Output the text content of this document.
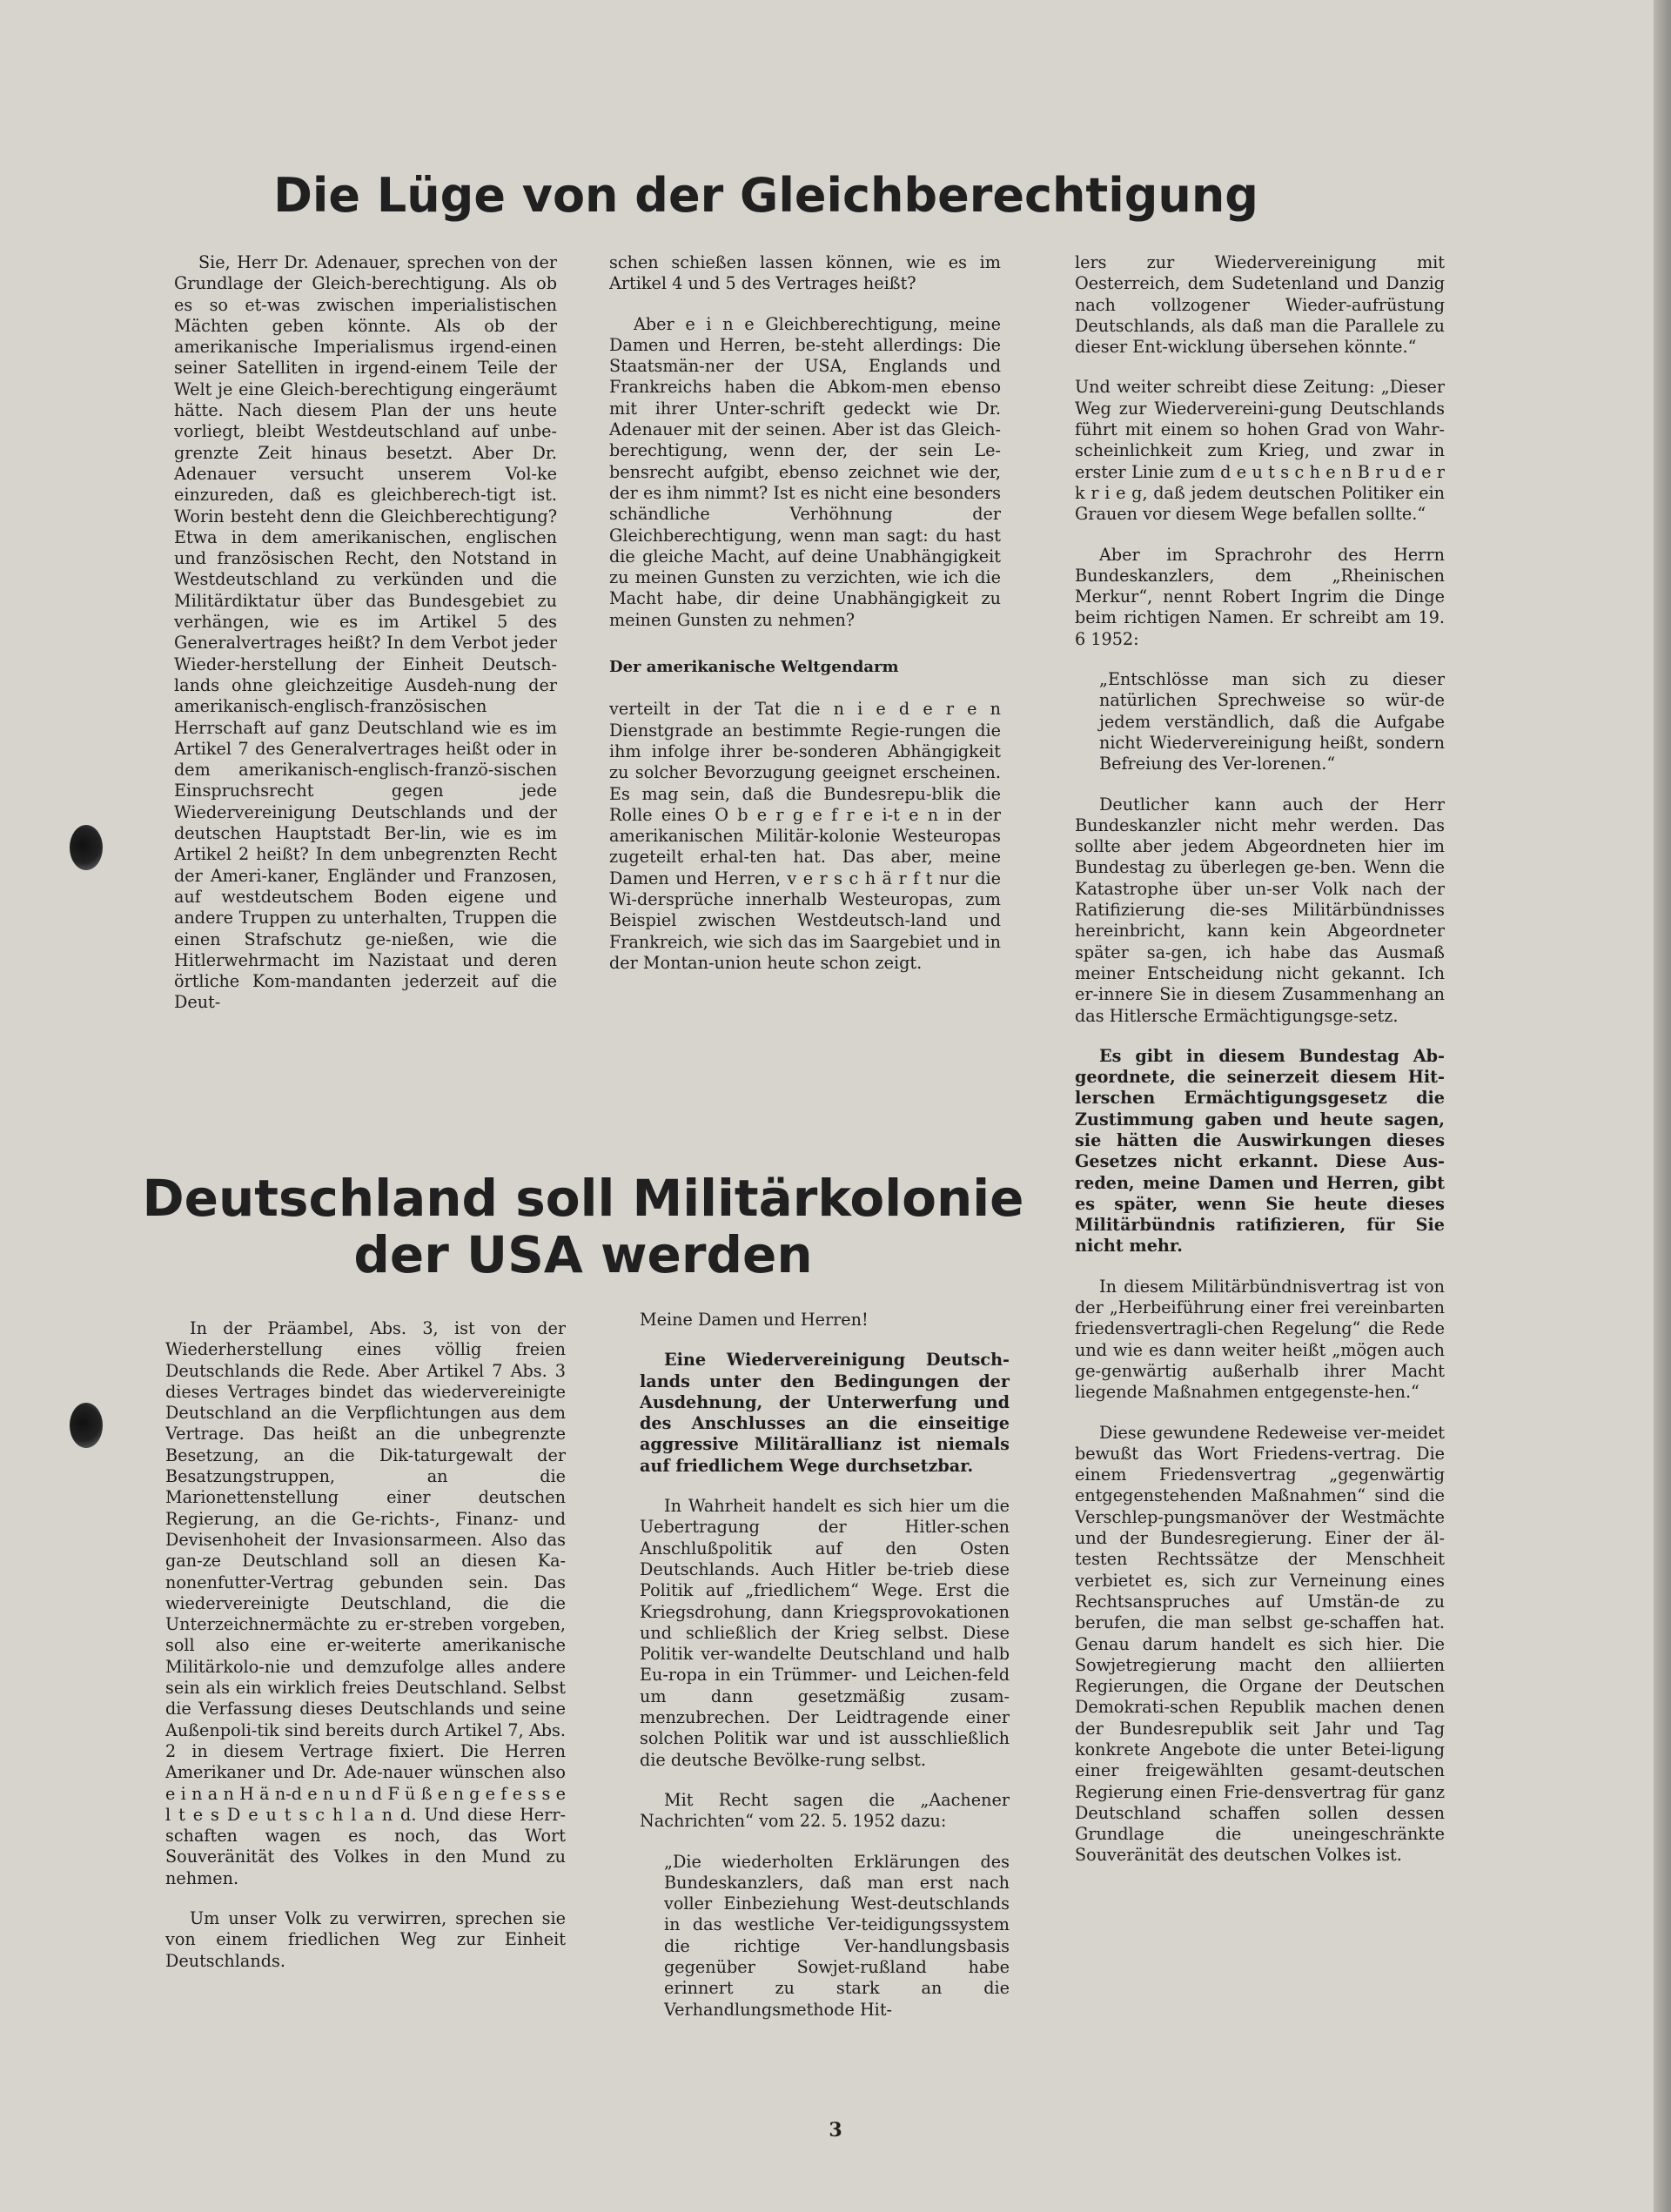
Die Lüge von der Gleichberechtigung

Sie, Herr Dr. Adenauer, sprechen von der Grundlage der Gleich-berechtigung. Als ob es so et-was zwischen imperialistischen Mächten geben könnte. Als ob der amerikanische Imperialismus irgend-einen seiner Satelliten in irgend-einem Teile der Welt je eine Gleich-berechtigung eingeräumt hätte. Nach diesem Plan der uns heute vorliegt, bleibt Westdeutschland auf unbe-grenzte Zeit hinaus besetzt. Aber Dr. Adenauer versucht unserem Vol-ke einzureden, daß es gleichberech-tigt ist. Worin besteht denn die Gleichberechtigung? Etwa in dem amerikanischen, englischen und französischen Recht, den Notstand in Westdeutschland zu verkünden und die Militärdiktatur über das Bundesgebiet zu verhängen, wie es im Artikel 5 des Generalvertrages heißt? In dem Verbot jeder Wieder-herstellung der Einheit Deutsch-lands ohne gleichzeitige Ausdeh-nung der amerikanisch-englisch-französischen Herrschaft auf ganz Deutschland wie es im Artikel 7 des Generalvertrages heißt oder in dem amerikanisch-englisch-franzö-sischen Einspruchsrecht gegen jede Wiedervereinigung Deutschlands und der deutschen Hauptstadt Ber-lin, wie es im Artikel 2 heißt? In dem unbegrenzten Recht der Ameri-kaner, Engländer und Franzosen, auf westdeutschem Boden eigene und andere Truppen zu unterhalten, Truppen die einen Strafschutz ge-nießen, wie die Hitlerwehrmacht im Nazistaat und deren örtliche Kom-mandanten jederzeit auf die Deut-

schen schießen lassen können, wie es im Artikel 4 und 5 des Vertrages heißt?

Aber e i n e Gleichberechtigung, meine Damen und Herren, be-steht allerdings: Die Staatsmän-ner der USA, Englands und Frankreichs haben die Abkom-men ebenso mit ihrer Unter-schrift gedeckt wie Dr. Adenauer mit der seinen. Aber ist das Gleich-berechtigung, wenn der, der sein Le-bensrecht aufgibt, ebenso zeichnet wie der, der es ihm nimmt? Ist es nicht eine besonders schändliche Verhöhnung der Gleichberechtigung, wenn man sagt: du hast die gleiche Macht, auf deine Unabhängigkeit zu meinen Gunsten zu verzichten, wie ich die Macht habe, dir deine Unabhängigkeit zu meinen Gunsten zu nehmen?

Der amerikanische Weltgendarm

verteilt in der Tat die n i e d e r e n Dienstgrade an bestimmte Regie-rungen die ihm infolge ihrer be-sonderen Abhängigkeit zu solcher Bevorzugung geeignet erscheinen. Es mag sein, daß die Bundesrepu-blik die Rolle eines O b e r g e f r e i-t e n in der amerikanischen Militär-kolonie Westeuropas zugeteilt erhal-ten hat. Das aber, meine Damen und Herren, v e r s c h ä r f t nur die Wi-dersprüche innerhalb Westeuropas, zum Beispiel zwischen Westdeutsch-land und Frankreich, wie sich das im Saargebiet und in der Montan-union heute schon zeigt.

lers zur Wiedervereinigung mit Oesterreich, dem Sudetenland und Danzig nach vollzogener Wieder-aufrüstung Deutschlands, als daß man die Parallele zu dieser Ent-wicklung übersehen könnte.“

Und weiter schreibt diese Zeitung: „Dieser Weg zur Wiedervereini-gung Deutschlands führt mit einem so hohen Grad von Wahr-scheinlichkeit zum Krieg, und zwar in erster Linie zum d e u t s c h e n B r u d e r k r i e g, daß jedem deutschen Politiker ein Grauen vor diesem Wege befallen sollte.“

Aber im Sprachrohr des Herrn Bundeskanzlers, dem „Rheinischen Merkur“, nennt Robert Ingrim die Dinge beim richtigen Namen. Er schreibt am 19. 6 1952:

„Entschlösse man sich zu dieser natürlichen Sprechweise so wür-de jedem verständlich, daß die Aufgabe nicht Wiedervereinigung heißt, sondern Befreiung des Ver-lorenen.“

Deutlicher kann auch der Herr Bundeskanzler nicht mehr werden. Das sollte aber jedem Abgeordneten hier im Bundestag zu überlegen ge-ben. Wenn die Katastrophe über un-ser Volk nach der Ratifizierung die-ses Militärbündnisses hereinbricht, kann kein Abgeordneter später sa-gen, ich habe das Ausmaß meiner Entscheidung nicht gekannt. Ich er-innere Sie in diesem Zusammenhang an das Hitlersche Ermächtigungsge-setz.

Es gibt in diesem Bundestag Ab-geordnete, die seinerzeit diesem Hit-lerschen Ermächtigungsgesetz die Zustimmung gaben und heute sagen, sie hätten die Auswirkungen dieses Gesetzes nicht erkannt. Diese Aus-reden, meine Damen und Herren, gibt es später, wenn Sie heute dieses Militärbündnis ratifizieren, für Sie nicht mehr.

In diesem Militärbündnisvertrag ist von der „Herbeiführung einer frei vereinbarten friedensvertragli-chen Regelung“ die Rede und wie es dann weiter heißt „mögen auch ge-genwärtig außerhalb ihrer Macht liegende Maßnahmen entgegenste-hen.“

Diese gewundene Redeweise ver-meidet bewußt das Wort Friedens-vertrag. Die einem Friedensvertrag „gegenwärtig entgegenstehenden Maßnahmen“ sind die Verschlep-pungsmanöver der Westmächte und der Bundesregierung. Einer der äl-testen Rechtssätze der Menschheit verbietet es, sich zur Verneinung eines Rechtsanspruches auf Umstän-de zu berufen, die man selbst ge-schaffen hat. Genau darum handelt es sich hier. Die Sowjetregierung macht den alliierten Regierungen, die Organe der Deutschen Demokrati-schen Republik machen denen der Bundesrepublik seit Jahr und Tag konkrete Angebote die unter Betei-ligung einer freigewählten gesamt-deutschen Regierung einen Frie-densvertrag für ganz Deutschland schaffen sollen dessen Grundlage die uneingeschränkte Souveränität des deutschen Volkes ist.

Deutschland soll Militärkolonie
der USA werden

In der Präambel, Abs. 3, ist von der Wiederherstellung eines völlig freien Deutschlands die Rede. Aber Artikel 7 Abs. 3 dieses Vertrages bindet das wiedervereinigte Deutschland an die Verpflichtungen aus dem Vertrage. Das heißt an die unbegrenzte Besetzung, an die Dik-taturgewalt der Besatzungstruppen, an die Marionettenstellung einer deutschen Regierung, an die Ge-richts-, Finanz- und Devisenhoheit der Invasionsarmeen. Also das gan-ze Deutschland soll an diesen Ka-nonenfutter-Vertrag gebunden sein. Das wiedervereinigte Deutschland, die die Unterzeichnermächte zu er-streben vorgeben, soll also eine er-weiterte amerikanische Militärkolo-nie und demzufolge alles andere sein als ein wirklich freies Deutschland. Selbst die Verfassung dieses Deutschlands und seine Außenpoli-tik sind bereits durch Artikel 7, Abs. 2 in diesem Vertrage fixiert. Die Herren Amerikaner und Dr. Ade-nauer wünschen also e i n a n H ä n-d e n u n d F ü ß e n g e f e s s e l t e s D e u t s c h l a n d. Und diese Herr-schaften wagen es noch, das Wort Souveränität des Volkes in den Mund zu nehmen.

Um unser Volk zu verwirren, sprechen sie von einem friedlichen Weg zur Einheit Deutschlands.

Meine Damen und Herren!

Eine Wiedervereinigung Deutsch-lands unter den Bedingungen der Ausdehnung, der Unterwerfung und des Anschlusses an die einseitige aggressive Militärallianz ist niemals auf friedlichem Wege durchsetzbar.

In Wahrheit handelt es sich hier um die Uebertragung der Hitler-schen Anschlußpolitik auf den Osten Deutschlands. Auch Hitler be-trieb diese Politik auf „friedlichem“ Wege. Erst die Kriegsdrohung, dann Kriegsprovokationen und schließlich der Krieg selbst. Diese Politik ver-wandelte Deutschland und halb Eu-ropa in ein Trümmer- und Leichen-feld um dann gesetzmäßig zusam-menzubrechen. Der Leidtragende einer solchen Politik war und ist ausschließlich die deutsche Bevölke-rung selbst.

Mit Recht sagen die „Aachener Nachrichten“ vom 22. 5. 1952 dazu:

„Die wiederholten Erklärungen des Bundeskanzlers, daß man erst nach voller Einbeziehung West-deutschlands in das westliche Ver-teidigungssystem die richtige Ver-handlungsbasis gegenüber Sowjet-rußland habe erinnert zu stark an die Verhandlungsmethode Hit-

3
